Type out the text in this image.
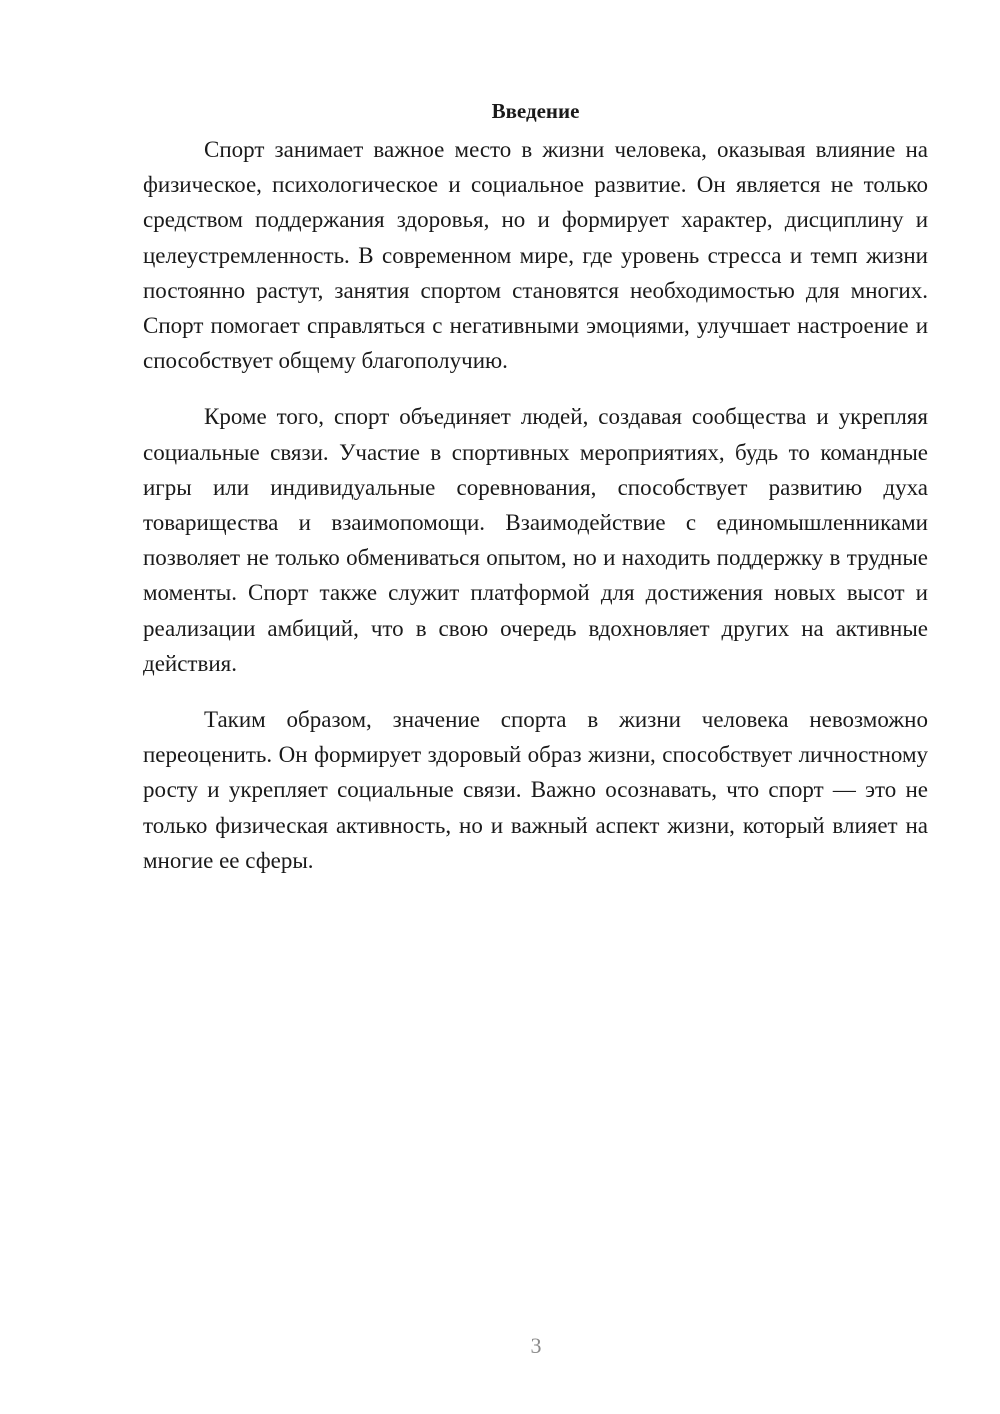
Введение

Спорт занимает важное место в жизни человека, оказывая влияние на физическое, психологическое и социальное развитие. Он является не только средством поддержания здоровья, но и формирует характер, дисциплину и целеустремленность. В современном мире, где уровень стресса и темп жизни постоянно растут, занятия спортом становятся необходимостью для многих. Спорт помогает справляться с негативными эмоциями, улучшает настроение и способствует общему благополучию.

Кроме того, спорт объединяет людей, создавая сообщества и укрепляя социальные связи. Участие в спортивных мероприятиях, будь то командные игры или индивидуальные соревнования, способствует развитию духа товарищества и взаимопомощи. Взаимодействие с единомышленниками позволяет не только обмениваться опытом, но и находить поддержку в трудные моменты. Спорт также служит платформой для достижения новых высот и реализации амбиций, что в свою очередь вдохновляет других на активные действия.

Таким образом, значение спорта в жизни человека невозможно переоценить. Он формирует здоровый образ жизни, способствует личностному росту и укрепляет социальные связи. Важно осознавать, что спорт — это не только физическая активность, но и важный аспект жизни, который влияет на многие ее сферы.

3
